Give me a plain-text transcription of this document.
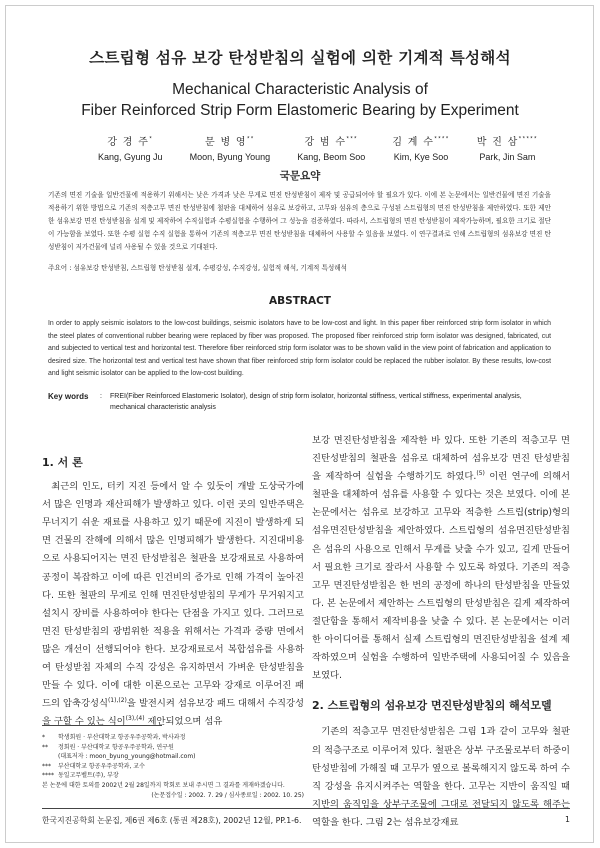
스트립형 섬유 보강 탄성받침의 실험에 의한 기계적 특성해석
Mechanical Characteristic Analysis of
Fiber Reinforced Strip Form Elastomeric Bearing by Experiment
강 경 주*
Kang, Gyung Ju
문 병 영**
Moon, Byung Young
강 범 수***
Kang, Beom Soo
김 계 수****
Kim, Kye Soo
박 진 삼*****
Park, Jin Sam
국문요약
기존의 면진 기술을 일반건물에 적용하기 위해서는 낮은 가격과 낮은 무게로 면진 탄성받침이 제작 및 공급되어야 할 필요가 있다. 이에 본 논문에서는 일반건물에 면진 기술을 적용하기 위한 방법으로 기존의 적층고무 면진 탄성받침에 철판을 대체하여 섬유로 보강하고, 고무와 섬유의 층으로 구성된 스트립형의 면진 탄성받침을 제안하였다. 또한 제안한 섬유보강 면진 탄성받침을 설계 및 제작하여 수직실험과 수평실험을 수행하여 그 성능을 검증하였다. 따라서, 스트립형의 면진 탄성받침이 제작가능하며, 필요한 크기로 절단이 가능함을 보였다. 또한 수평 실험 수직 실험을 통하여 기존의 적층고무 면진 탄성받침을 대체하여 사용할 수 있음을 보였다. 이 연구결과로 인해 스트립형의 섬유보강 면진 탄성받침이 저가건물에 널리 사용될 수 있을 것으로 기대된다.
주요어 : 섬유보강 탄성받침, 스트립형 탄성받침 설계, 수평강성, 수직강성, 실험적 해석, 기계적 특성해석
ABSTRACT
In order to apply seismic isolators to the low-cost buildings, seismic isolators have to be low-cost and light. In this paper fiber reinforced strip form isolator in which the steel plates of conventional rubber bearing were replaced by fiber was proposed. The proposed fiber reinforced strip form isolator was designed, fabricated, cut and subjected to vertical test and horizontal test. Therefore fiber reinforced strip form isolator was to be shown valid in the view point of fabrication and application to desired size. The horizontal test and vertical test have shown that fiber reinforced strip form isolator could be replaced the rubber isolator. By these results, low-cost and light seismic isolator can be applied to the low-cost building.
Key words	:	FREI(Fiber Reinforced Elastomeric Isolator), design of strip form isolator, horizontal stiffness, vertical stiffness, experimental analysis, mechanical characteristic analysis
1. 서 론
최근의 인도, 터키 지진 등에서 알 수 있듯이 개발 도상국가에서 많은 인명과 재산피해가 발생하고 있다. 이런 곳의 일반주택은 무너지기 쉬운 재료를 사용하고 있기 때문에 지진이 발생하게 되면 건물의 잔해에 의해서 많은 인명피해가 발생한다. 지진대비용으로 사용되어지는 면진 탄성받침은 철판을 보강재료로 사용하여 공정이 복잡하고 이에 따른 인건비의 증가로 인해 가격이 높아진다. 또한 철판의 무게로 인해 면진탄성받침의 무게가 무거워지고 설치시 장비를 사용하여야 한다는 단점을 가지고 있다. 그러므로 면진 탄성받침의 광범위한 적용을 위해서는 가격과 중량 면에서 많은 개선이 선행되어야 한다. 보강재료로서 복합섬유를 사용하여 탄성받침 자체의 수직 강성은 유지하면서 가벼운 탄성받침을 만들 수 있다. 이에 대한 이론으로는 고무와 강재로 이루어진 패드의 압축강성식$^{(1),(2)}$을 발전시켜 섬유보강 패드 대해서 수직강성을 구할 수 있는 식이$^{(3),(4)}$ 제안되었으며 섬유
보강 면진탄성받침을 제작한 바 있다. 또한 기존의 적층고무 면진탄성받침의 철판을 섬유로 대체하여 섬유보강 면진 탄성받침을 제작하여 실험을 수행하기도 하였다.$^{(5)}$ 이런 연구에 의해서 철판을 대체하여 섬유를 사용할 수 있다는 것은 보였다. 이에 본 논문에서는 섬유로 보강하고 고무와 적층한 스트립(strip)형의 섬유면진탄성받침을 제안하였다. 스트립형의 섬유면진탄성받침은 섬유의 사용으로 인해서 무게를 낮출 수가 있고, 길게 만들어서 필요한 크기로 잘라서 사용할 수 있도록 하였다. 기존의 적층고무 면진탄성받침은 한 번의 공정에 하나의 탄성받침을 만들었다. 본 논문에서 제안하는 스트립형의 탄성받침은 길게 제작하여 절단함을 통해서 제작비용을 낮출 수 있다. 본 논문에서는 이러한 아이디어를 통해서 실제 스트립형의 면진탄성받침을 설계 제작하였으며 실험을 수행하여 일반주택에 사용되어질 수 있음을 보였다.
2. 스트립형의 섬유보강 면진탄성받침의 해석모델
기존의 적층고무 면진탄성받침은 그림 1과 같이 고무와 철판의 적층구조로 이루어져 있다. 철판은 상부 구조물로부터 하중이 탄성받침에 가해질 때 고무가 옆으로 볼록해지지 않도록 하여 수직 강성을 유지시켜주는 역할을 한다. 고무는 지반이 움직일 때 지반의 움직임을 상부구조물에 그대로 전달되지 않도록 해주는 역할을 한다. 그림 2는 섬유보강재료
*	학생회원 · 부산대학교 항공우주공학과, 박사과정
**	정회원 · 부산대학교 항공우주공학과, 연구원
(대표저자 : moon_byung_young@hotmail.com)
***	부산대학교 항공우주공학과, 교수
**** 동일고무벨트(주), 부장
본 논문에 대한 토의를 2002년 2월 28일까지 학회로 보내 주시면 그 결과를 게재하겠습니다.
(논문접수일 : 2002. 7. 29 / 심사종료일 : 2002. 10. 25)
한국지진공학회 논문집, 제6권 제6호 (통권 제28호), 2002년 12월, PP.1-6.	1
